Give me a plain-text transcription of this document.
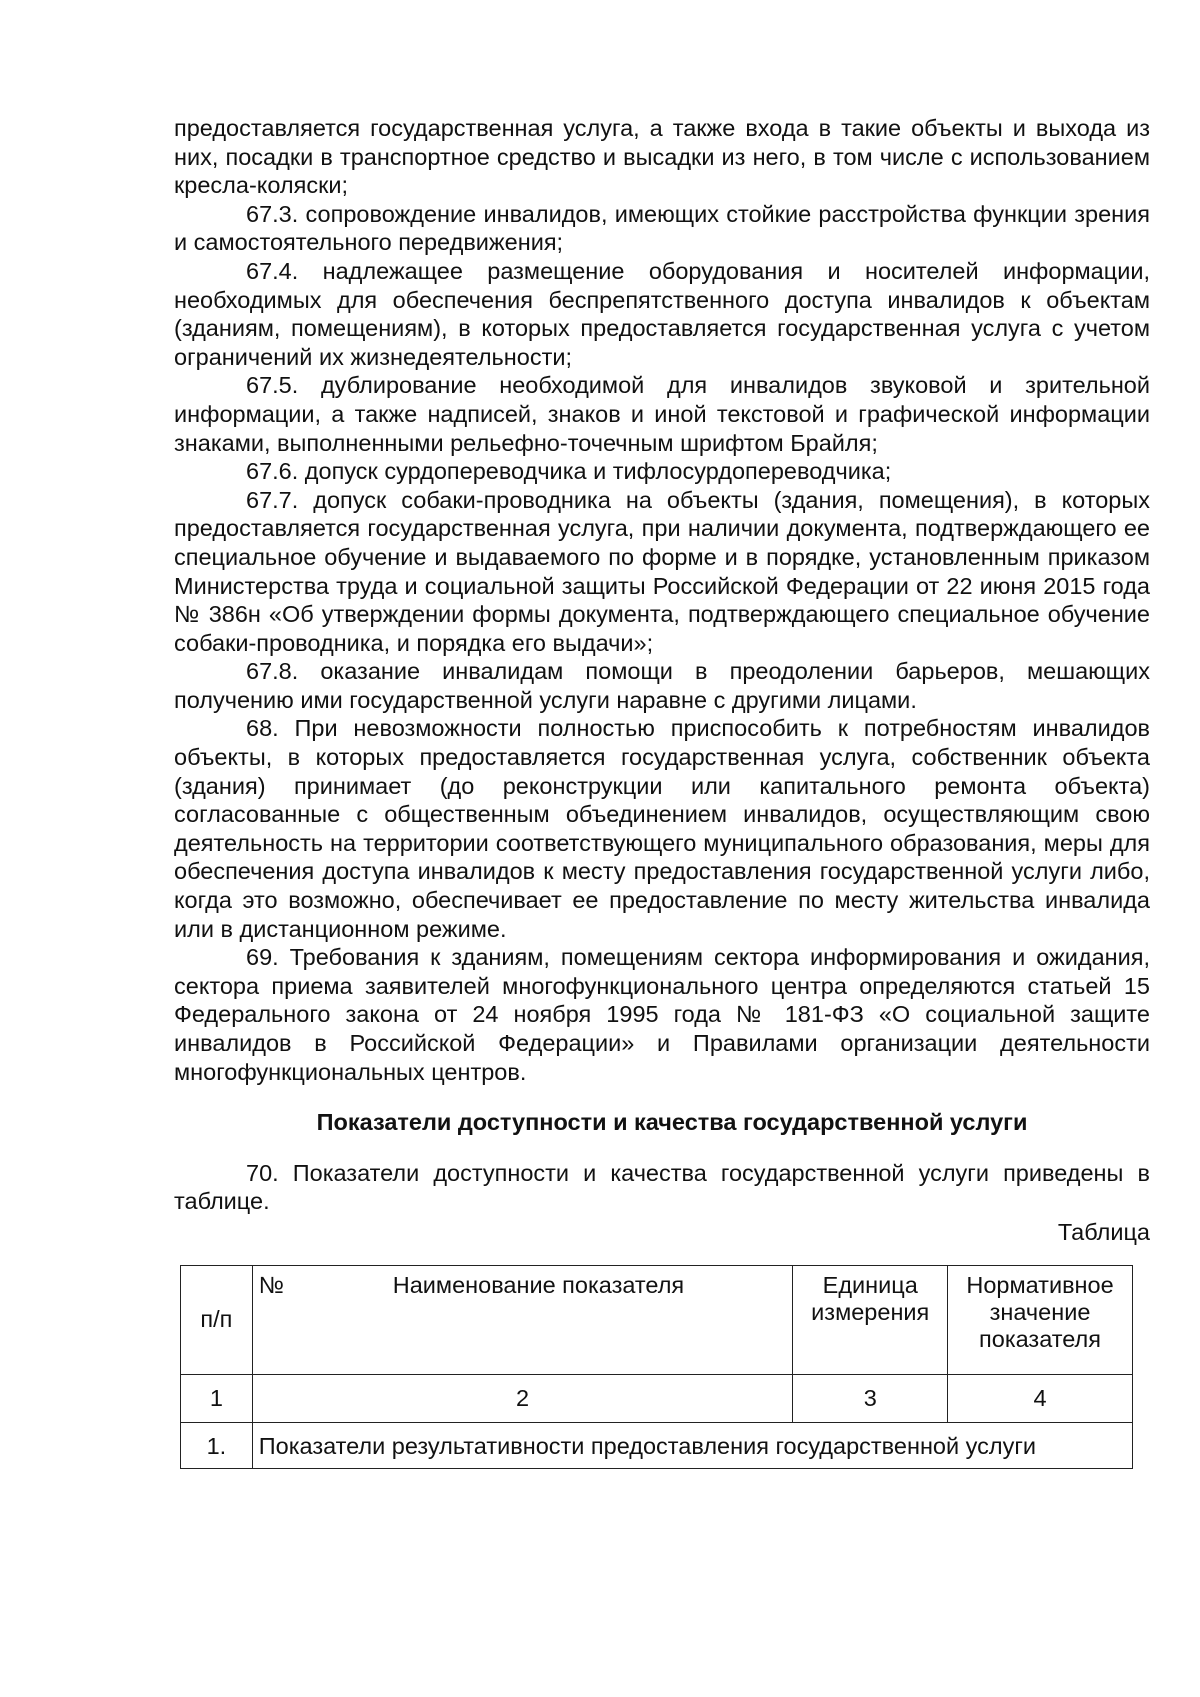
предоставляется государственная услуга, а также входа в такие объекты и выхода из них, посадки в транспортное средство и высадки из него, в том числе с использованием кресла-коляски;

67.3. сопровождение инвалидов, имеющих стойкие расстройства функции зрения и самостоятельного передвижения;

67.4. надлежащее размещение оборудования и носителей информации, необходимых для обеспечения беспрепятственного доступа инвалидов к объектам (зданиям, помещениям), в которых предоставляется государственная услуга с учетом ограничений их жизнедеятельности;

67.5. дублирование необходимой для инвалидов звуковой и зрительной информации, а также надписей, знаков и иной текстовой и графической информации знаками, выполненными рельефно-точечным шрифтом Брайля;

67.6. допуск сурдопереводчика и тифлосурдопереводчика;

67.7. допуск собаки-проводника на объекты (здания, помещения), в которых предоставляется государственная услуга, при наличии документа, подтверждающего ее специальное обучение и выдаваемого по форме и в порядке, установленным приказом Министерства труда и социальной защиты Российской Федерации от 22 июня 2015 года № 386н «Об утверждении формы документа, подтверждающего специальное обучение собаки-проводника, и порядка его выдачи»;

67.8. оказание инвалидам помощи в преодолении барьеров, мешающих получению ими государственной услуги наравне с другими лицами.

68. При невозможности полностью приспособить к потребностям инвалидов объекты, в которых предоставляется государственная услуга, собственник объекта (здания) принимает (до реконструкции или капитального ремонта объекта) согласованные с общественным объединением инвалидов, осуществляющим свою деятельность на территории соответствующего муниципального образования, меры для обеспечения доступа инвалидов к месту предоставления государственной услуги либо, когда это возможно, обеспечивает ее предоставление по месту жительства инвалида или в дистанционном режиме.

69. Требования к зданиям, помещениям сектора информирования и ожидания, сектора приема заявителей многофункционального центра определяются статьей 15 Федерального закона от 24 ноября 1995 года № 181-ФЗ «О социальной защите инвалидов в Российской Федерации» и Правилами организации деятельности многофункциональных центров.

Показатели доступности и качества государственной услуги

70. Показатели доступности и качества государственной услуги приведены в таблице.

Таблица
п/п	№ Наименование показателя	Единица измерения	Нормативное значение показателя
1	2	3	4
1.	Показатели результативности предоставления государственной услуги		
